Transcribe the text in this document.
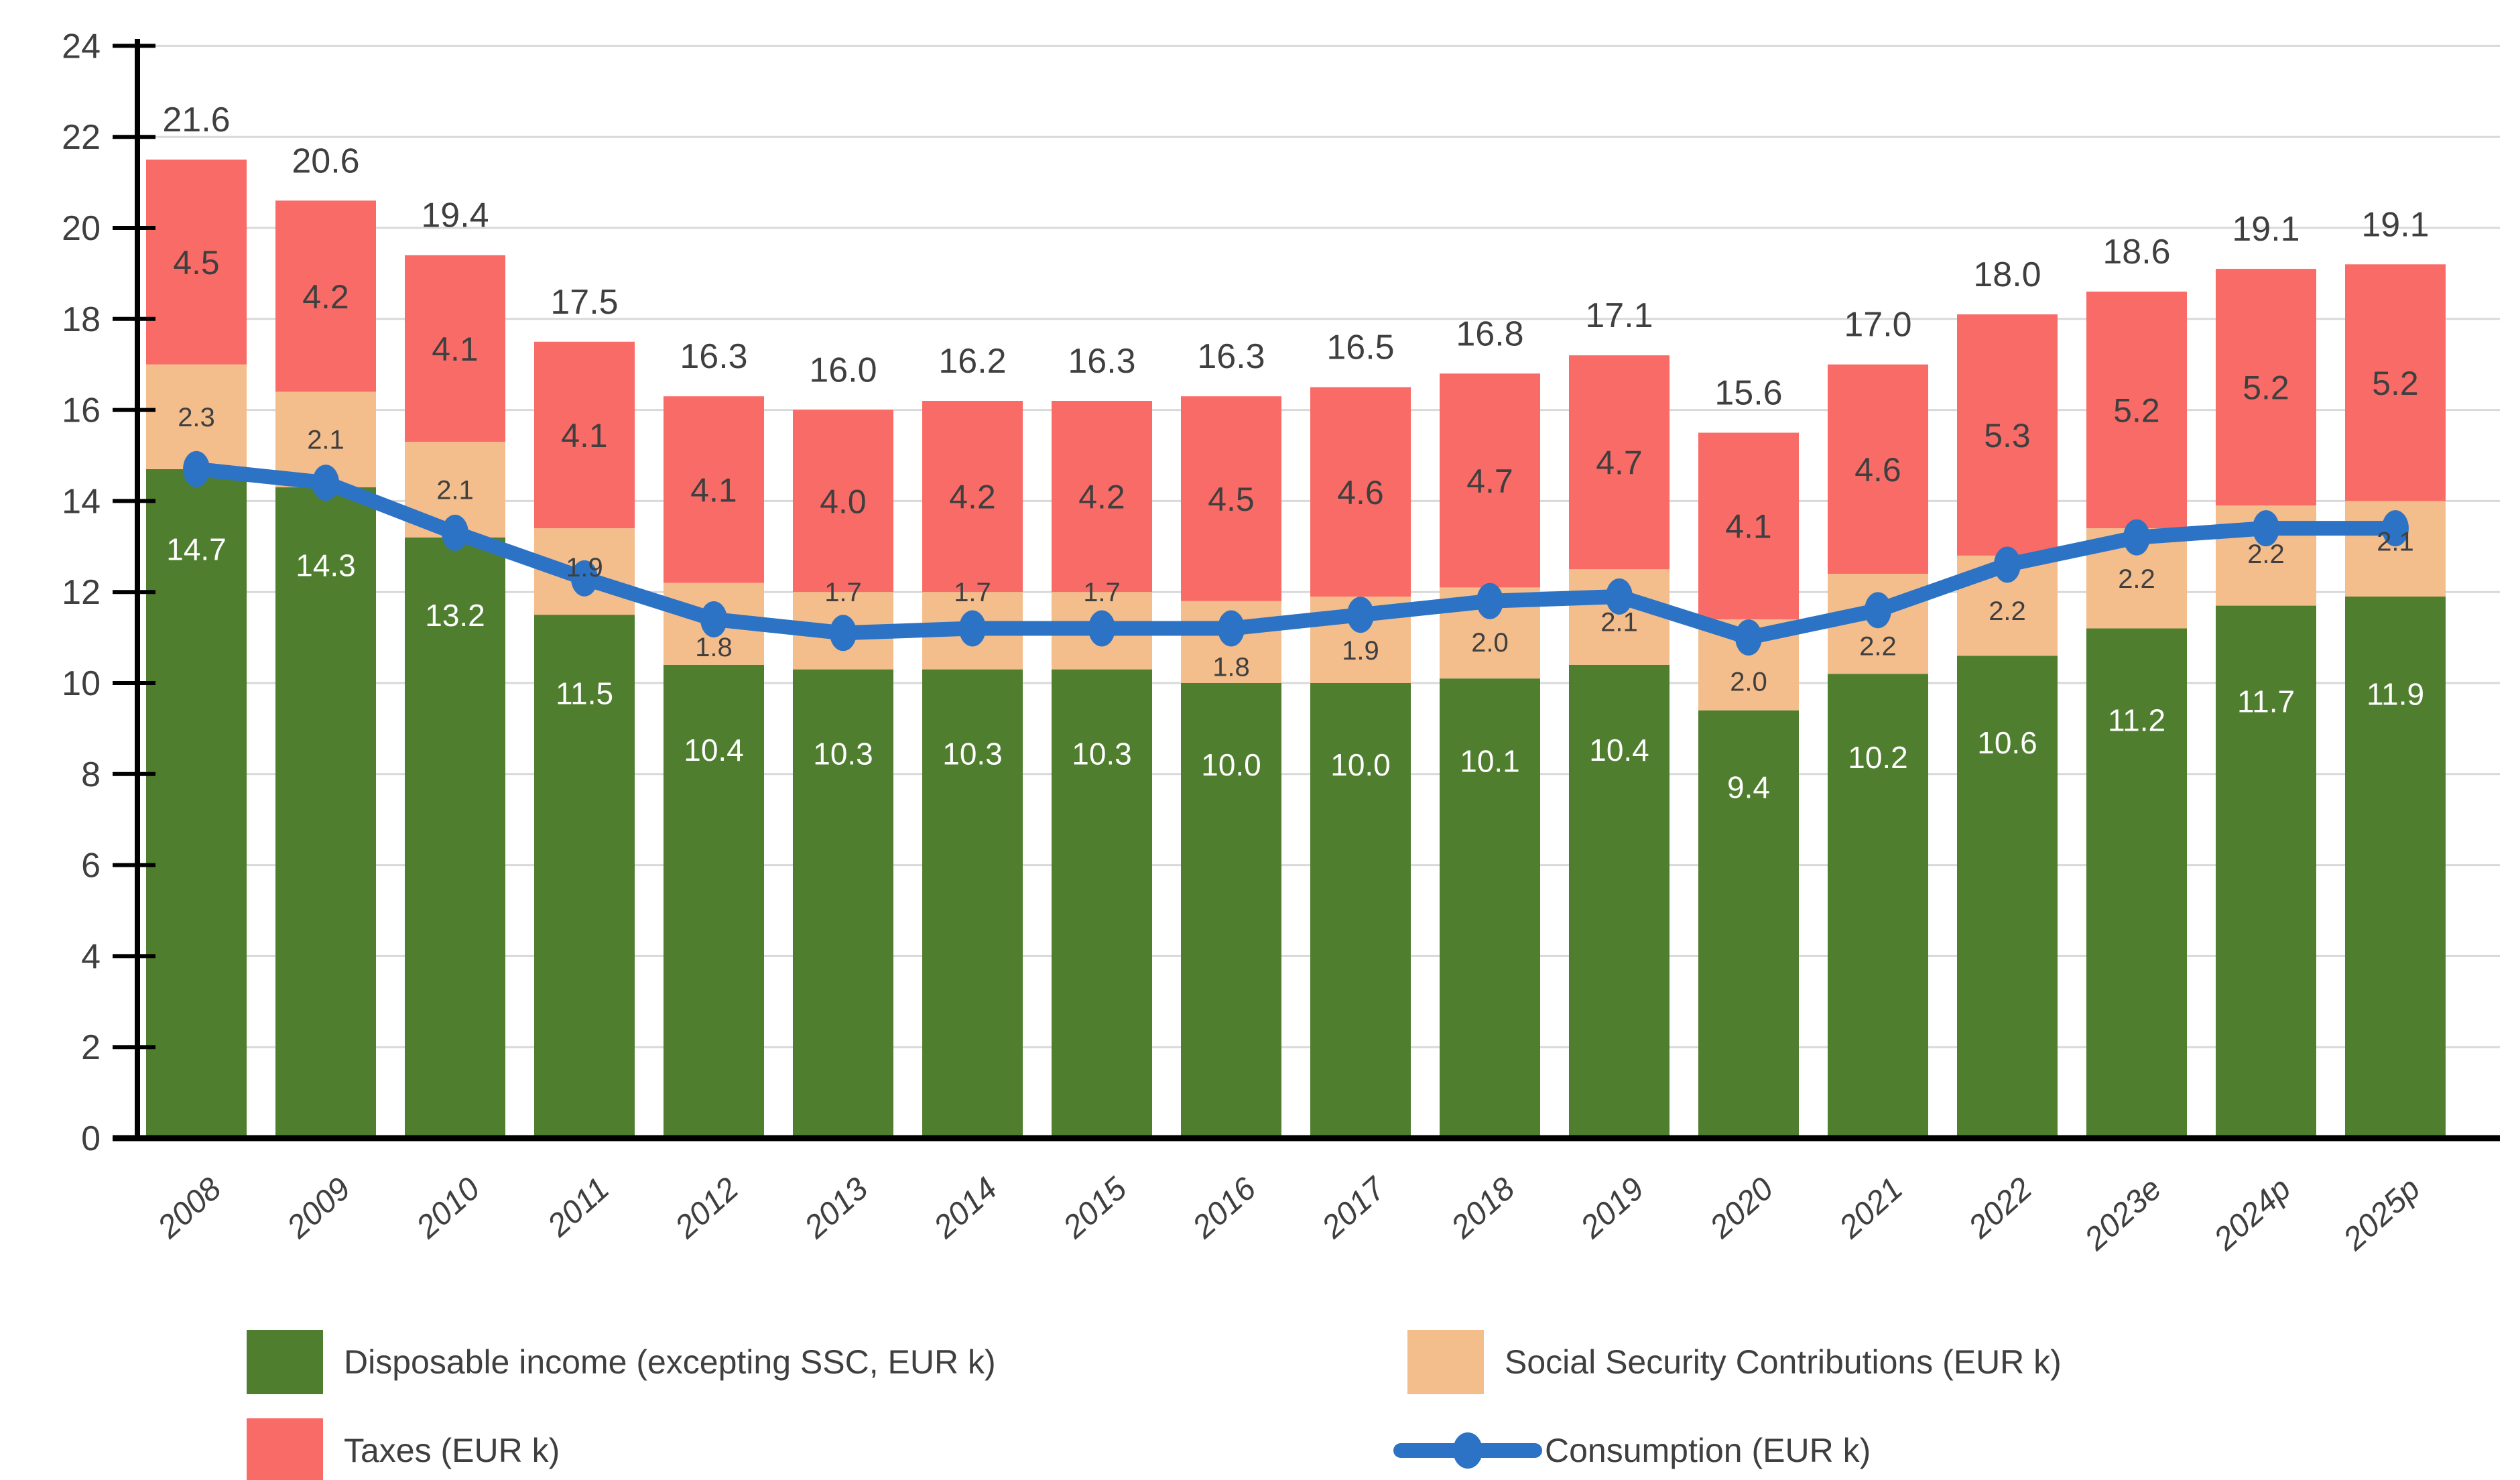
14.7
2.3
4.5
21.6
14.3
2.1
4.2
20.6
13.2
2.1
4.1
19.4
11.5
1.9
4.1
17.5
10.4
1.8
4.1
16.3
10.3
1.7
4.0
16.0
10.3
1.7
4.2
16.2
10.3
1.7
4.2
16.3
10.0
1.8
4.5
16.3
10.0
1.9
4.6
16.5
10.1
2.0
4.7
16.8
10.4
2.1
4.7
17.1
9.4
2.0
4.1
15.6
10.2
2.2
4.6
17.0
10.6
2.2
5.3
18.0
11.2
2.2
5.2
18.6
11.7
2.2
5.2
19.1
11.9
2.1
5.2
19.1
0
2
4
6
8
10
12
14
16
18
20
22
24
2008 2009 2010 2011 2012 2013 2014 2015 2016 2017 2018 2019 2020 2021 2022 2023e 2024p 2025p
Disposable income (excepting SSC, EUR k)	Social Security Contributions (EUR k)
Taxes (EUR k)	Consumption (EUR k)
